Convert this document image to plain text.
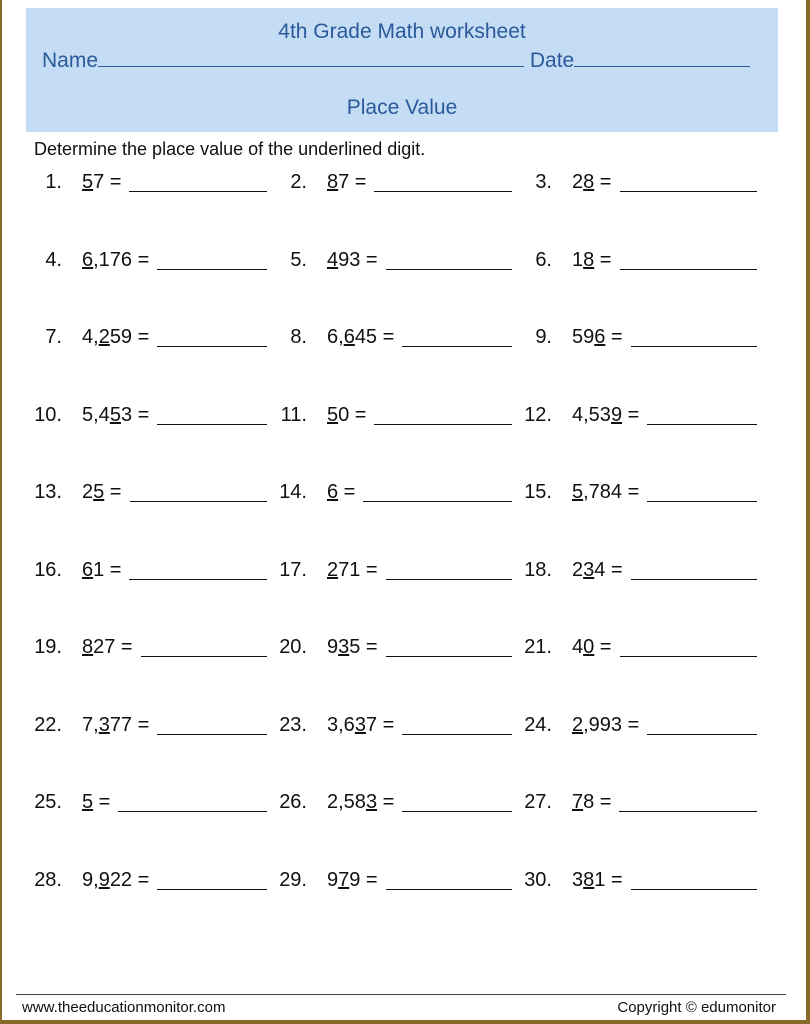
4th Grade Math worksheet
Name	Date
Place Value
Determine the place value of the underlined digit.
1. 57 =	2. 87 =	3. 28 =
4. 6,176 =	5. 493 =	6. 18 =
7. 4,259 =	8. 6,645 =	9. 596 =
10. 5,453 =	11. 50 =	12. 4,539 =
13. 25 =	14. 6 =	15. 5,784 =
16. 61 =	17. 271 =	18. 234 =
19. 827 =	20. 935 =	21. 40 =
22. 7,377 =	23. 3,637 =	24. 2,993 =
25. 5 =	26. 2,583 =	27. 78 =
28. 9,922 =	29. 979 =	30. 381 =
www.theeducationmonitor.com	Copyright © edumonitor
